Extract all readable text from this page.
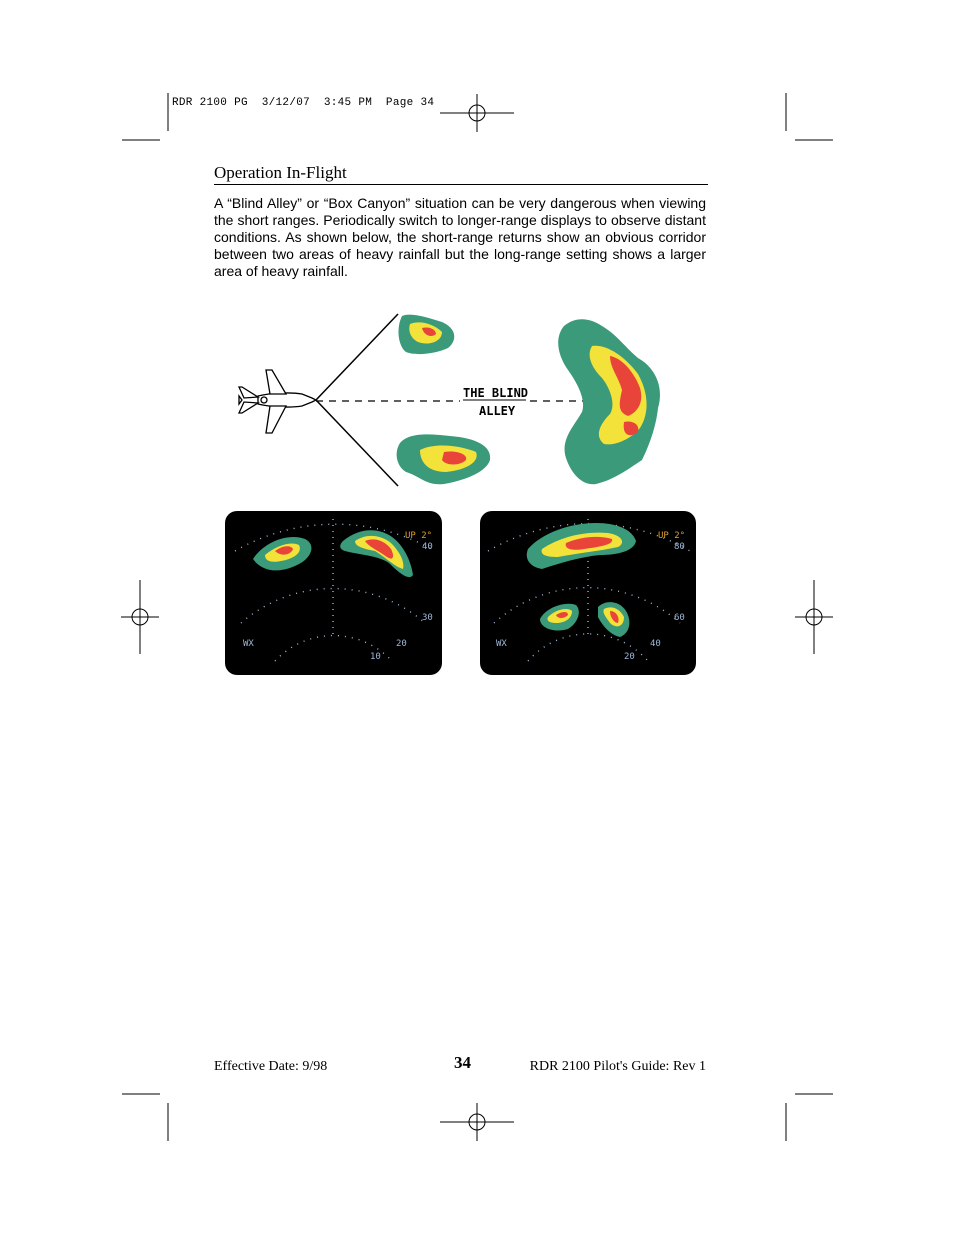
RDR 2100 PG  3/12/07  3:45 PM  Page 34
Operation In-Flight
A “Blind Alley” or “Box Canyon” situation can be very dangerous when viewing the short ranges. Periodically switch to longer-range displays to observe distant conditions. As shown below, the short-range returns show an obvious corridor between two areas of heavy rainfall but the long-range setting shows a larger area of heavy rainfall.
THE BLIND
ALLEY
UP 2°
WX
40
30
20
10
UP 2°
WX
80
60
40
20
Effective Date: 9/98	34	RDR 2100 Pilot's Guide: Rev 1
